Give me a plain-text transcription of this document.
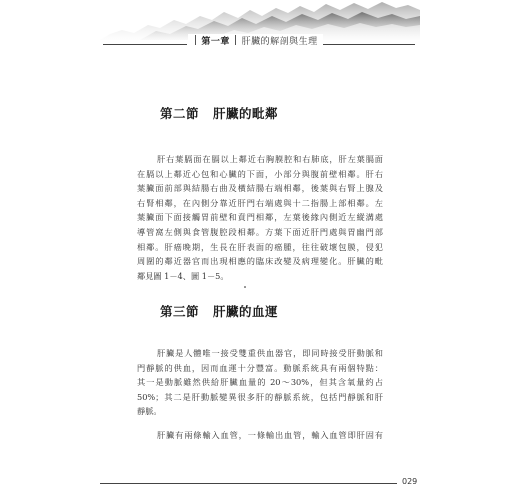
第一章 肝臟的解剖與生理
第二節 肝臟的毗鄰
肝右葉膈面在膈以上鄰近右胸膜腔和右肺底，肝左葉膈面
在膈以上鄰近心包和心臟的下面，小部分與腹前壁相鄰。肝右
葉臟面前部與結腸右曲及橫結腸右端相鄰，後葉與右腎上腺及
右腎相鄰，在內側分靠近肝門右端處與十二指腸上部相鄰。左
葉臟面下面接觸胃前壁和賁門相鄰，左葉後緣內側近左縱溝處
導管窩左側與食管腹腔段相鄰。方葉下面近肝門處與胃幽門部
相鄰。肝癌晚期，生長在肝表面的癌腫，往往破壞包膜，侵犯
周圍的鄰近器官而出現相應的臨床改變及病理變化。肝臟的毗
鄰見圖 1－4、圖 1－5。
第三節 肝臟的血運
肝臟是人體唯一接受雙重供血器官，即同時接受肝動脈和
門靜脈的供血，因而血運十分豐富。動脈系統具有兩個特點：
其一是動脈雖然供給肝臟血量的 20～30%，但其含氧量約占
50%；其二是肝動脈變異很多肝的靜脈系統，包括門靜脈和肝
靜脈。
肝臟有兩條輸入血管，一條輸出血管，輸入血管即肝固有
029
